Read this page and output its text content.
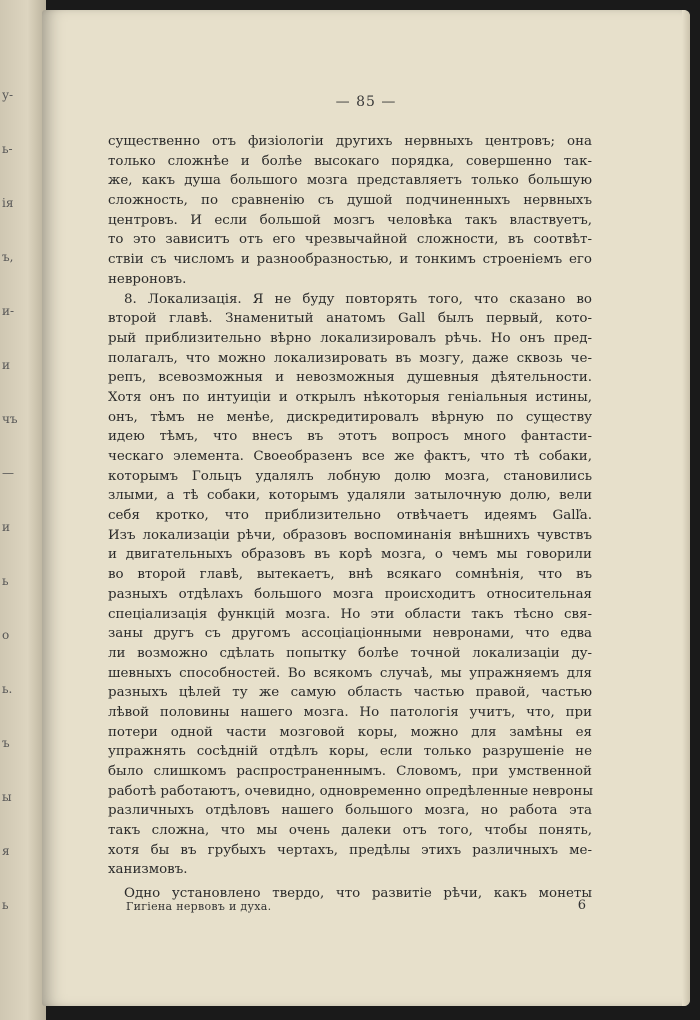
у-
ь-
ія
ъ,
и-
и
чъ
—
и
ь
o
ь.
ъ
ы
я
ь
— 85 —
существенно отъ физіологіи другихъ нервныхъ центровъ; она
только сложнѣе и болѣе высокаго порядка, совершенно так-
же, какъ душа большого мозга представляетъ только большую
сложность, по сравненію съ душой подчиненныхъ нервныхъ
центровъ. И если большой мозгъ человѣка такъ властвуетъ,
то это зависитъ отъ его чрезвычайной сложности, въ соотвѣт-
ствіи съ числомъ и разнообразностью, и тонкимъ строеніемъ его
невроновъ.
8. Локализація. Я не буду повторять того, что сказано во
второй главѣ. Знаменитый анатомъ Gall былъ первый, кото-
рый приблизительно вѣрно локализировалъ рѣчь. Но онъ пред-
полагалъ, что можно локализировать въ мозгу, даже сквозь че-
репъ, всевозможныя и невозможныя душевныя дѣятельности.
Хотя онъ по интуиціи и открылъ нѣкоторыя геніальныя истины,
онъ, тѣмъ не менѣе, дискредитировалъ вѣрную по существу
идею тѣмъ, что внесъ въ этотъ вопросъ много фантасти-
ческаго элемента. Своеобразенъ все же фактъ, что тѣ собаки,
которымъ Гольцъ удалялъ лобную долю мозга, становились
злыми, а тѣ собаки, которымъ удаляли затылочную долю, вели
себя кротко, что приблизительно отвѣчаетъ идеямъ Galľа.
Изъ локализаціи рѣчи, образовъ воспоминанія внѣшнихъ чувствъ
и двигательныхъ образовъ въ корѣ мозга, о чемъ мы говорили
во второй главѣ, вытекаетъ, внѣ всякаго сомнѣнія, что въ
разныхъ отдѣлахъ большого мозга происходитъ относительная
спеціализація функцій мозга. Но эти области такъ тѣсно свя-
заны другъ съ другомъ ассоціаціонными невронами, что едва
ли возможно сдѣлать попытку болѣе точной локализаціи ду-
шевныхъ способностей. Во всякомъ случаѣ, мы упражняемъ для
разныхъ цѣлей ту же самую область частью правой, частью
лѣвой половины нашего мозга. Но патологія учитъ, что, при
потери одной части мозговой коры, можно для замѣны ея
упражнять сосѣдній отдѣлъ коры, если только разрушеніе не
было слишкомъ распространеннымъ. Словомъ, при умственной
работѣ работаютъ, очевидно, одновременно опредѣленные невроны
различныхъ отдѣловъ нашего большого мозга, но работа эта
такъ сложна, что мы очень далеки отъ того, чтобы понять,
хотя бы въ грубыхъ чертахъ, предѣлы этихъ различныхъ ме-
ханизмовъ.
Одно установлено твердо, что развитіе рѣчи, какъ монеты
Гигіена нервовъ и духа.	6
